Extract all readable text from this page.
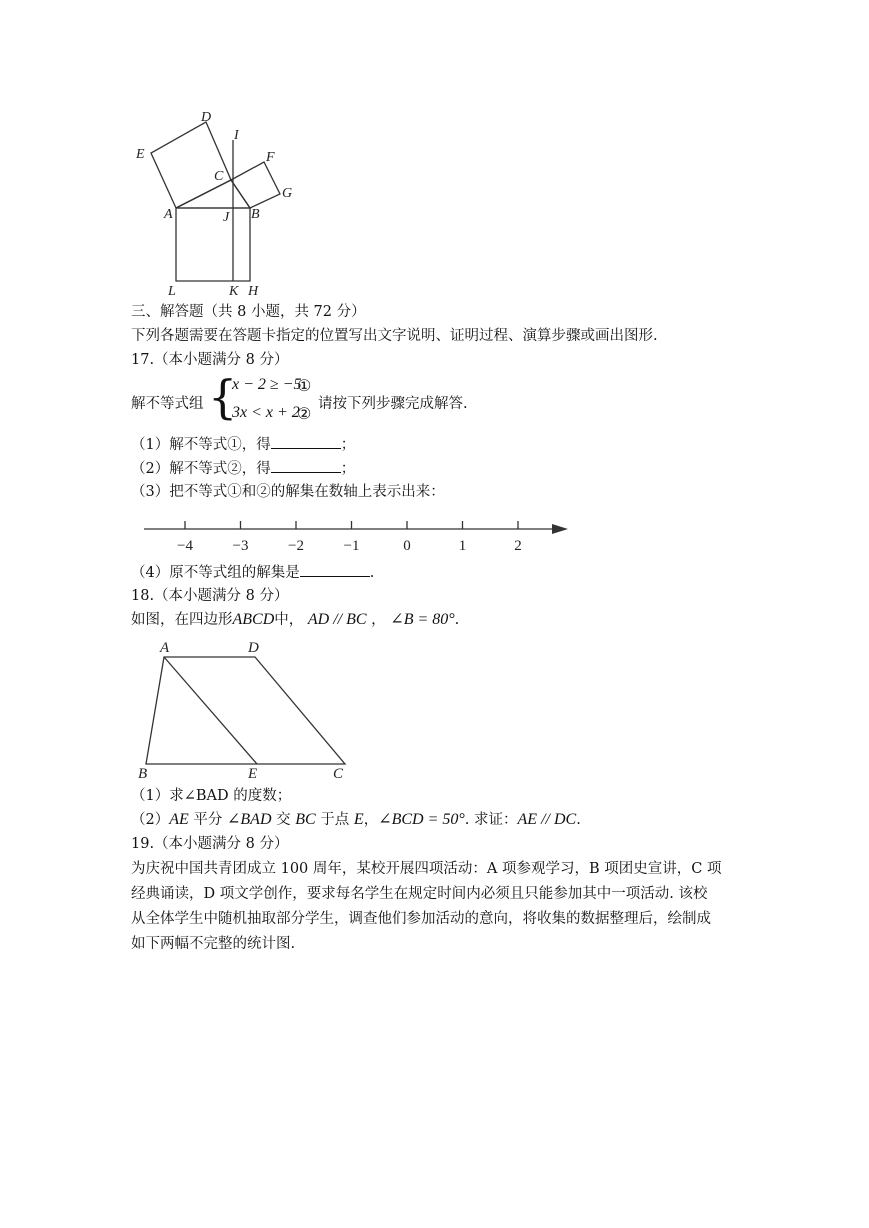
D
I
E	F
C
G
A	J B
L	K H
三、解答题（共 8 小题，共 72 分）
下列各题需要在答题卡指定的位置写出文字说明、证明过程、演算步骤或画出图形.
17.（本小题满分 8 分）
解不等式组 {
x − 2 ≥ −5
①
3x < x + 2
② 请按下列步骤完成解答.
（1）解不等式①，得	；
（2）解不等式②，得	；
（3）把不等式①和②的解集在数轴上表示出来：
−4	−3	−2	−1	0	1	2
（4）原不等式组的解集是	.
18.（本小题满分 8 分）
如图，在四边形ABCD中， AD // BC ， ∠B = 80°.
A	D
B	E	C
（1）求∠BAD 的度数；
（2）AE 平分 ∠BAD 交 BC 于点 E，∠BCD = 50°. 求证：AE // DC.
19.（本小题满分 8 分）
为庆祝中国共青团成立 100 周年，某校开展四项活动：A 项参观学习，B 项团史宣讲，C 项
经典诵读，D 项文学创作，要求每名学生在规定时间内必须且只能参加其中一项活动. 该校
从全体学生中随机抽取部分学生，调查他们参加活动的意向，将收集的数据整理后，绘制成
如下两幅不完整的统计图.
